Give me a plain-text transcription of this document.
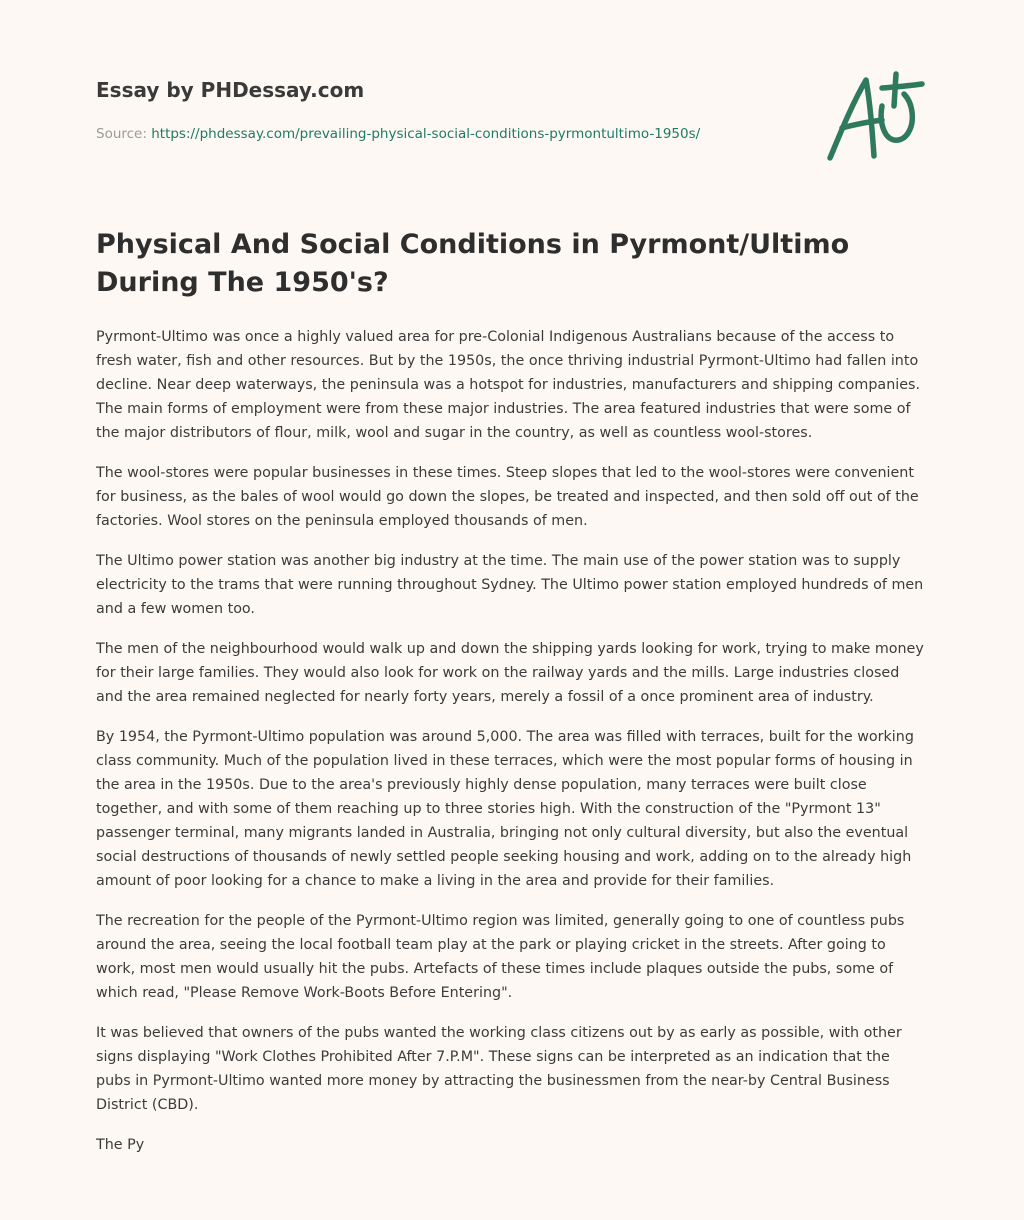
Essay by PHDessay.com

Source: https://phdessay.com/prevailing-physical-social-conditions-pyrmontultimo-1950s/
Physical And Social Conditions in Pyrmont/Ultimo During The 1950's?

Pyrmont-Ultimo was once a highly valued area for pre-Colonial Indigenous Australians because of the access to fresh water, fish and other resources. But by the 1950s, the once thriving industrial Pyrmont-Ultimo had fallen into decline. Near deep waterways, the peninsula was a hotspot for industries, manufacturers and shipping companies. The main forms of employment were from these major industries. The area featured industries that were some of the major distributors of flour, milk, wool and sugar in the country, as well as countless wool-stores.

The wool-stores were popular businesses in these times. Steep slopes that led to the wool-stores were convenient for business, as the bales of wool would go down the slopes, be treated and inspected, and then sold off out of the factories. Wool stores on the peninsula employed thousands of men.

The Ultimo power station was another big industry at the time. The main use of the power station was to supply electricity to the trams that were running throughout Sydney. The Ultimo power station employed hundreds of men and a few women too.

The men of the neighbourhood would walk up and down the shipping yards looking for work, trying to make money for their large families. They would also look for work on the railway yards and the mills. Large industries closed and the area remained neglected for nearly forty years, merely a fossil of a once prominent area of industry.

By 1954, the Pyrmont-Ultimo population was around 5,000. The area was filled with terraces, built for the working class community. Much of the population lived in these terraces, which were the most popular forms of housing in the area in the 1950s. Due to the area's previously highly dense population, many terraces were built close together, and with some of them reaching up to three stories high. With the construction of the "Pyrmont 13" passenger terminal, many migrants landed in Australia, bringing not only cultural diversity, but also the eventual social destructions of thousands of newly settled people seeking housing and work, adding on to the already high amount of poor looking for a chance to make a living in the area and provide for their families.

The recreation for the people of the Pyrmont-Ultimo region was limited, generally going to one of countless pubs around the area, seeing the local football team play at the park or playing cricket in the streets. After going to work, most men would usually hit the pubs. Artefacts of these times include plaques outside the pubs, some of which read, "Please Remove Work-Boots Before Entering".

It was believed that owners of the pubs wanted the working class citizens out by as early as possible, with other signs displaying "Work Clothes Prohibited After 7.P.M". These signs can be interpreted as an indication that the pubs in Pyrmont-Ultimo wanted more money by attracting the businessmen from the near-by Central Business District (CBD).

The Py
